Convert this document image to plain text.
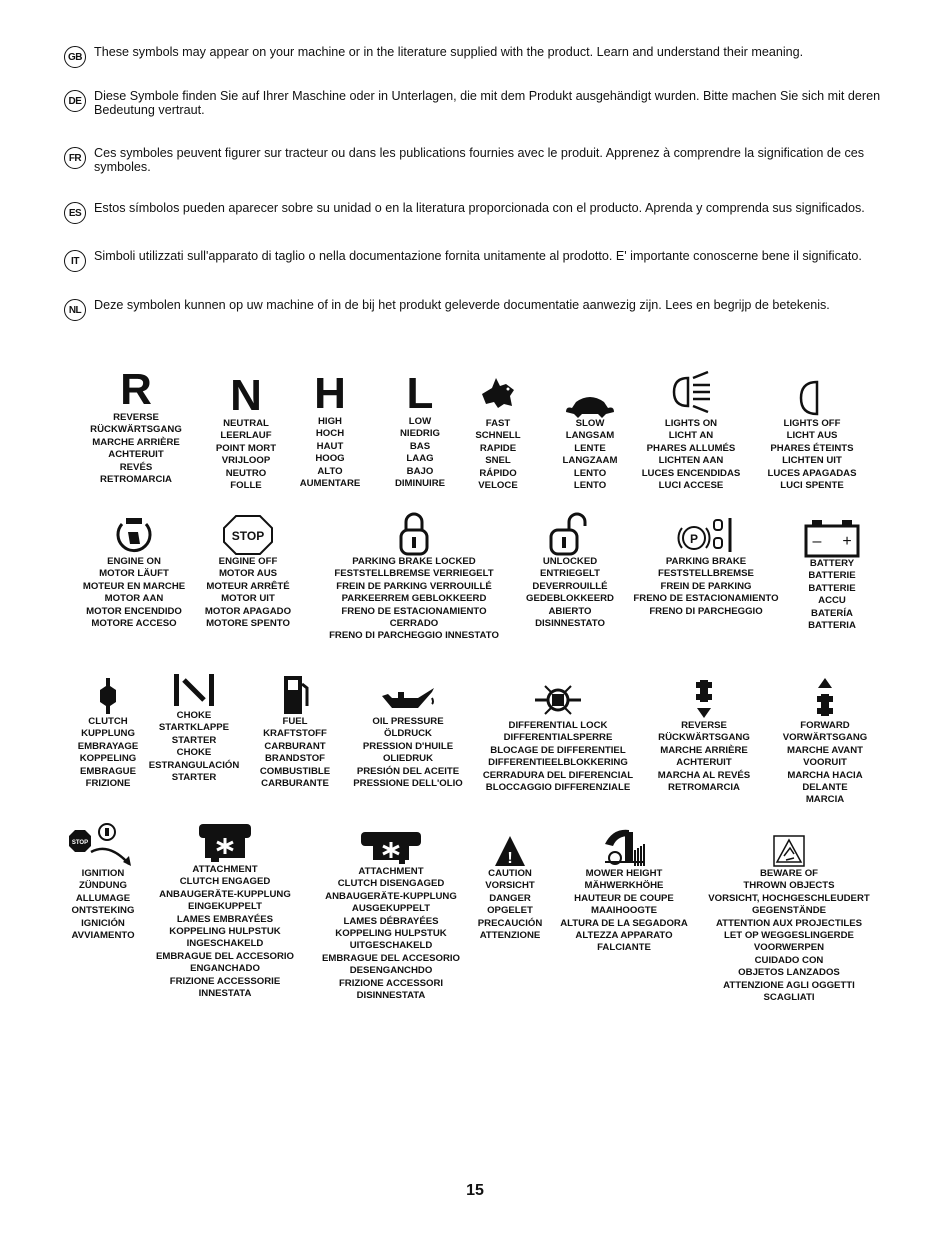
GB These symbols may appear on your machine or in the literature supplied with the product. Learn and understand their meaning.
DE Diese Symbole finden Sie auf Ihrer Maschine oder in Unterlagen, die mit dem Produkt ausgehändigt wurden. Bitte machen Sie sich mit deren Bedeutung vertraut.
FR	Ces symboles peuvent figurer sur tracteur ou dans les publications fournies avec le produit. Apprenez à comprendre la signification de ces symboles.
ES	Estos símbolos pueden aparecer sobre su unidad o en la literatura proporcionada con el producto. Aprenda y comprenda sus significados.
IT	Simboli utilizzati sull'apparato di taglio o nella documentazione fornita unitamente al prodotto. E' importante conoscerne bene il significato.
NL	Deze symbolen kunnen op uw machine of in de bij het produkt geleverde documentatie aanwezig zijn. Lees en begrijp de betekenis.
R
REVERSE
RÜCKWÄRTSGANG
MARCHE ARRIÈRE
ACHTERUIT
REVÉS
RETROMARCIA
N
NEUTRAL
LEERLAUF
POINT MORT
VRIJLOOP
NEUTRO
FOLLE
H
HIGH
HOCH
HAUT
HOOG
ALTO
AUMENTARE
L
LOW
NIEDRIG
BAS
LAAG
BAJO
DIMINUIRE
FAST
SCHNELL
RAPIDE
SNEL
RÁPIDO
VELOCE
SLOW
LANGSAM
LENTE
LANGZAAM
LENTO
LENTO
LIGHTS ON
LICHT AN
PHARES ALLUMÉS
LICHTEN AAN
LUCES ENCENDIDAS
LUCI ACCESE
LIGHTS OFF
LICHT AUS
PHARES ÉTEINTS
LICHTEN UIT
LUCES APAGADAS
LUCI SPENTE
ENGINE ON
MOTOR LÄUFT
MOTEUR EN MARCHE
MOTOR AAN
MOTOR ENCENDIDO
MOTORE ACCESO
STOP
ENGINE OFF
MOTOR AUS
MOTEUR ARRÊTÉ
MOTOR UIT
MOTOR APAGADO
MOTORE SPENTO
PARKING BRAKE LOCKED
FESTSTELLBREMSE VERRIEGELT
FREIN DE PARKING VERROUILLÉ
PARKEERREM GEBLOKKEERD
FRENO DE ESTACIONAMIENTO
CERRADO
FRENO DI PARCHEGGIO INNESTATO
UNLOCKED
ENTRIEGELT
DEVERROUILLÉ
GEDEBLOKKEERD
ABIERTO
DISINNESTATO
P
PARKING BRAKE
FESTSTELLBREMSE
FREIN DE PARKING
FRENO DE ESTACIONAMIENTO
FRENO DI PARCHEGGIO
– +
BATTERY
BATTERIE
BATTERIE
ACCU
BATERÍA
BATTERIA
CLUTCH
KUPPLUNG
EMBRAYAGE
KOPPELING
EMBRAGUE
FRIZIONE
CHOKE
STARTKLAPPE
STARTER
CHOKE
ESTRANGULACIÓN
STARTER
FUEL
KRAFTSTOFF
CARBURANT
BRANDSTOF
COMBUSTIBLE
CARBURANTE
OIL PRESSURE
ÖLDRUCK
PRESSION D'HUILE
OLIEDRUK
PRESIÓN DEL ACEITE
PRESSIONE DELL'OLIO
DIFFERENTIAL LOCK
DIFFERENTIALSPERRE
BLOCAGE DE DIFFERENTIEL
DIFFERENTIEELBLOKKERING
CERRADURA DEL DIFERENCIAL
BLOCCAGGIO DIFFERENZIALE
REVERSE
RÜCKWÄRTSGANG
MARCHE ARRIÈRE
ACHTERUIT
MARCHA AL REVÉS
RETROMARCIA
FORWARD
VORWÄRTSGANG
MARCHE AVANT
VOORUIT
MARCHA HACIA
DELANTE
MARCIA
STOP
IGNITION
ZÜNDUNG
ALLUMAGE
ONTSTEKING
IGNICIÓN
AVVIAMENTO
ATTACHMENT
CLUTCH ENGAGED
ANBAUGERÄTE-KUPPLUNG
EINGEKUPPELT
LAMES EMBRAYÉES
KOPPELING HULPSTUK
INGESCHAKELD
EMBRAGUE DEL ACCESORIO
ENGANCHADO
FRIZIONE ACCESSORIE
INNESTATA
ATTACHMENT
CLUTCH DISENGAGED
ANBAUGERÄTE-KUPPLUNG
AUSGEKUPPELT
LAMES DÉBRAYÉES
KOPPELING HULPSTUK
UITGESCHAKELD
EMBRAGUE DEL ACCESORIO
DESENGANCHDO
FRIZIONE ACCESSORI
DISINNESTATA
!
CAUTION
VORSICHT
DANGER
OPGELET
PRECAUCIÓN
ATTENZIONE
MOWER HEIGHT
MÄHWERKHÖHE
HAUTEUR DE COUPE
MAAIHOOGTE
ALTURA DE LA SEGADORA
ALTEZZA APPARATO
FALCIANTE
BEWARE OF
THROWN OBJECTS
VORSICHT, HOCHGESCHLEUDERT
GEGENSTÄNDE
ATTENTION AUX PROJECTILES
LET OP WEGGESLINGERDE
VOORWERPEN
CUIDADO CON
OBJETOS LANZADOS
ATTENZIONE AGLI OGGETTI
SCAGLIATI
15
